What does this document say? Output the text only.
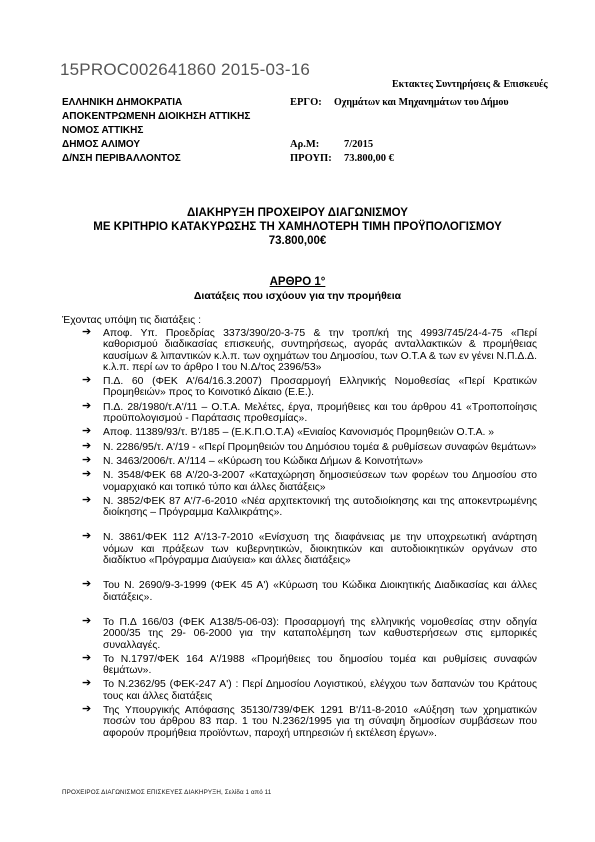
15PROC002641860 2015-03-16
ΕΛΛΗΝΙΚΗ ΔΗΜΟΚΡΑΤΙΑ
ΑΠΟΚΕΝΤΡΩΜΕΝΗ ΔΙΟΙΚΗΣΗ ΑΤΤΙΚΗΣ
ΝΟΜΟΣ ΑΤΤΙΚΗΣ
ΔΗΜΟΣ ΑΛΙΜΟΥ
Δ/ΝΣΗ ΠΕΡΙΒΑΛΛΟΝΤΟΣ
Εκτακτες Συντηρήσεις & Επισκευές
ΕΡΓΟ: Οχημάτων και Μηχανημάτων του Δήμου
Αρ.Μ: 7/2015
ΠΡΟΥΠ: 73.800,00 €
ΔΙΑΚΗΡΥΞΗ ΠΡΟΧΕΙΡΟΥ ΔΙΑΓΩΝΙΣΜΟΥ
ΜΕ ΚΡΙΤΗΡΙΟ ΚΑΤΑΚΥΡΩΣΗΣ ΤΗ ΧΑΜΗΛΟΤΕΡΗ ΤΙΜΗ ΠΡΟΫΠΟΛΟΓΙΣΜΟΥ
73.800,00€
ΑΡΘΡΟ 1°
Διατάξεις που ισχύουν για την προμήθεια
Έχοντας υπόψη τις διατάξεις :
➔ Αποφ. Υπ. Προεδρίας 3373/390/20-3-75 & την τροπ/κή της 4993/745/24-4-75 «Περί καθορισμού διαδικασίας επισκευής, συντηρήσεως, αγοράς ανταλλακτικών & προμήθειας καυσίμων & λιπαντικών κ.λ.π. των οχημάτων του Δημοσίου, των Ο.Τ.Α & των εν γένει Ν.Π.Δ.Δ. κ.λ.π. περί ων το άρθρο Ι του Ν.Δ/τος 2396/53»
➔ Π.Δ. 60 (ΦΕΚ Α'/64/16.3.2007) Προσαρμογή Ελληνικής Νομοθεσίας «Περί Κρατικών Προμηθειών» προς το Κοινοτικό Δίκαιο (Ε.Ε.).
➔ Π.Δ. 28/1980/τ.Α'/11 – Ο.Τ.Α. Μελέτες, έργα, προμήθειες και του άρθρου 41 «Τροποποίησις προϋπολογισμού - Παράτασις προθεσμίας».
➔ Αποφ. 11389/93/τ. Β'/185 – (Ε.Κ.Π.Ο.Τ.Α) «Ενιαίος Κανονισμός Προμηθειών Ο.Τ.Α. »
➔ Ν. 2286/95/τ. Α'/19 - «Περί Προμηθειών του Δημόσιου τομέα & ρυθμίσεων συναφών θεμάτων»
➔ Ν. 3463/2006/τ. Α'/114 – «Κύρωση του Κώδικα Δήμων & Κοινοτήτων»
➔ Ν. 3548/ΦΕΚ 68 Α'/20-3-2007 «Καταχώρηση δημοσιεύσεων των φορέων του Δημοσίου στο νομαρχιακό και τοπικό τύπο και άλλες διατάξεις»
➔ Ν. 3852/ΦΕΚ 87 Α'/7-6-2010 «Νέα αρχιτεκτονική της αυτοδιοίκησης και της αποκεντρωμένης διοίκησης – Πρόγραμμα Καλλικράτης».
➔ Ν. 3861/ΦΕΚ 112 Α'/13-7-2010 «Ενίσχυση της διαφάνειας με την υποχρεωτική ανάρτηση νόμων και πράξεων των κυβερνητικών, διοικητικών και αυτοδιοικητικών οργάνων στο διαδίκτυο «Πρόγραμμα Διαύγεια» και άλλες διατάξεις»
➔ Του Ν. 2690/9-3-1999 (ΦΕΚ 45 Α') «Κύρωση του Κώδικα Διοικητικής Διαδικασίας και άλλες διατάξεις».
➔ Το Π.Δ 166/03 (ΦΕΚ Α138/5-06-03): Προσαρμογή της ελληνικής νομοθεσίας στην οδηγία 2000/35 της 29- 06-2000 για την καταπολέμηση των καθυστερήσεων στις εμπορικές συναλλαγές.
➔ Το Ν.1797/ΦΕΚ 164 Α'/1988 «Προμήθειες του δημοσίου τομέα και ρυθμίσεις συναφών θεμάτων».
➔ Το Ν.2362/95 (ΦΕΚ-247 Α') : Περί Δημοσίου Λογιστικού, ελέγχου των δαπανών του Κράτους τους και άλλες διατάξεις
➔ Της Υπουργικής Απόφασης 35130/739/ΦΕΚ 1291 Β'/11-8-2010 «Αύξηση των χρηματικών ποσών του άρθρου 83 παρ. 1 του Ν.2362/1995 για τη σύναψη δημοσίων συμβάσεων που αφορούν προμήθεια προϊόντων, παροχή υπηρεσιών ή εκτέλεση έργων».
ΠΡΟΧΕΙΡΟΣ ΔΙΑΓΩΝΙΣΜΟΣ ΕΠΙΣΚΕΥΕΣ ΔΙΑΚΗΡΥΞΗ, Σελίδα 1 από 11
